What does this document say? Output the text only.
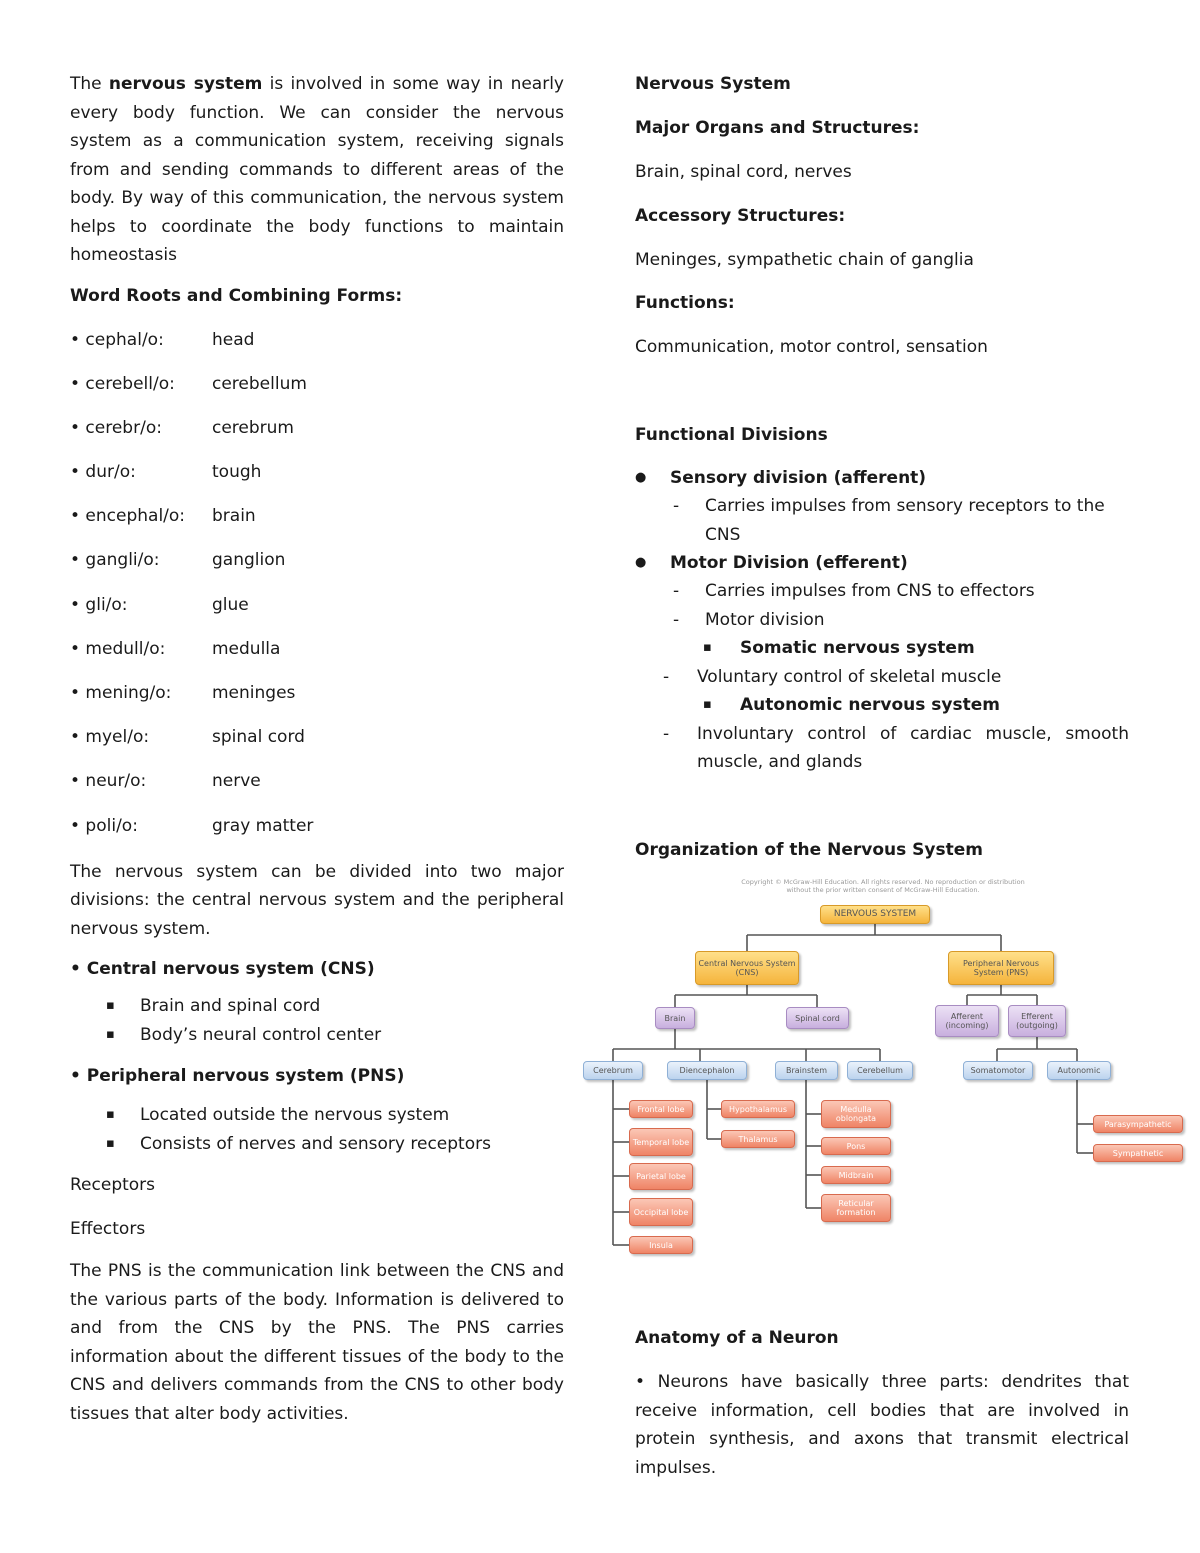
The nervous system is involved in some way in nearly every body function. We can consider the nervous system as a communication system, receiving signals from and sending commands to different areas of the body. By way of this communication, the nervous system helps to coordinate the body functions to maintain homeostasis

Word Roots and Combining Forms:
• cephal/o:	head
• cerebell/o:	cerebellum
• cerebr/o:	cerebrum
• dur/o:	tough
• encephal/o:	brain
• gangli/o:	ganglion
• gli/o:	glue
• medull/o:	medulla
• mening/o:	meninges
• myel/o:	spinal cord
• neur/o:	nerve
• poli/o:	gray matter

The nervous system can be divided into two major divisions: the central nervous system and the peripheral nervous system.

• Central nervous system (CNS)
▪ Brain and spinal cord
▪ Body’s neural control center
• Peripheral nervous system (PNS)
▪ Located outside the nervous system
▪ Consists of nerves and sensory receptors

Receptors

Effectors

The PNS is the communication link between the CNS and the various parts of the body. Information is delivered to and from the CNS by the PNS. The PNS carries information about the different tissues of the body to the CNS and delivers commands from the CNS to other body tissues that alter body activities.

Nervous System
Major Organs and Structures:

Brain, spinal cord, nerves

Accessory Structures:

Meninges, sympathetic chain of ganglia

Functions:

Communication, motor control, sensation

Functional Divisions
● Sensory division (afferent)
- Carries impulses from sensory receptors to the CNS
● Motor Division (efferent)
- Carries impulses from CNS to effectors
- Motor division
▪ Somatic nervous system
- Voluntary control of skeletal muscle
▪ Autonomic nervous system
- Involuntary control of cardiac muscle, smooth muscle, and glands
Organization of the Nervous System
Copyright © McGraw-Hill Education. All rights reserved. No reproduction or distribution without the prior written consent of McGraw-Hill Education.
NERVOUS SYSTEM
Central Nervous System (CNS)
Peripheral Nervous System (PNS)
Brain	Spinal cord	Afferent (incoming)
Efferent (outgoing)
Cerebrum	Diencephalon	Brainstem	Cerebellum	Somatomotor	Autonomic
Frontal lobe
Temporal lobe
Parietal lobe
Occipital lobe
Insula
Hypothalamus
Thalamus
Medulla oblongata
Pons
Midbrain
Reticular formation
Parasympathetic
Sympathetic
Anatomy of a Neuron

• Neurons have basically three parts: dendrites that receive information, cell bodies that are involved in protein synthesis, and axons that transmit electrical impulses.
